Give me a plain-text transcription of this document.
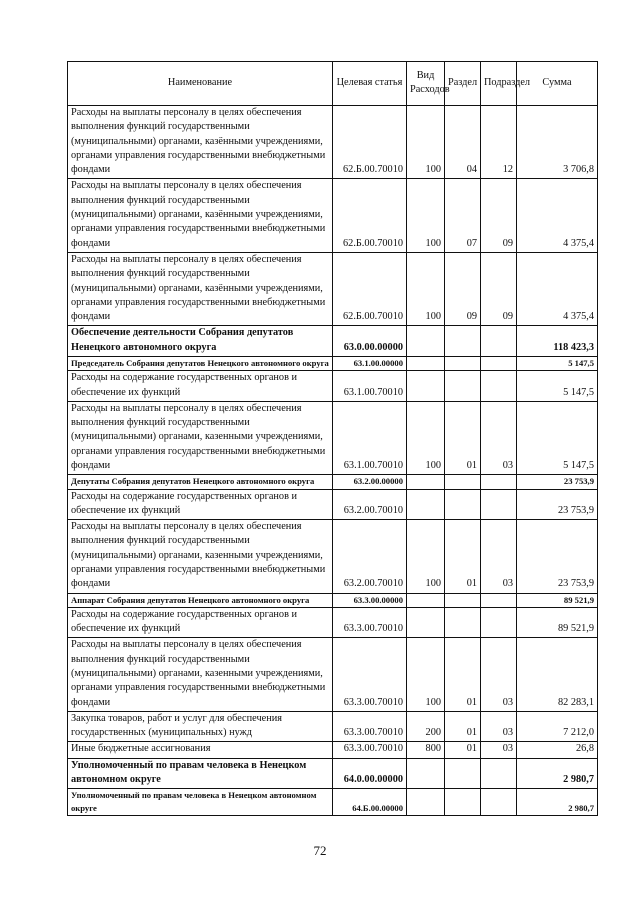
Наименование	Целевая статья	Вид Расходов	Раздел	Подраздел	Сумма
Расходы на выплаты персоналу в целях обеспечения выполнения функций государственными (муниципальными) органами, казёнными учреждениями, органами управления государственными внебюджетными фондами	62.Б.00.70010	100	04	12	3 706,8
Расходы на выплаты персоналу в целях обеспечения выполнения функций государственными (муниципальными) органами, казёнными учреждениями, органами управления государственными внебюджетными фондами	62.Б.00.70010	100	07	09	4 375,4
Расходы на выплаты персоналу в целях обеспечения выполнения функций государственными (муниципальными) органами, казёнными учреждениями, органами управления государственными внебюджетными фондами	62.Б.00.70010	100	09	09	4 375,4
Обеспечение деятельности Собрания депутатов Ненецкого автономного округа	63.0.00.00000				118 423,3
Председатель Собрания депутатов Ненецкого автономного округа	63.1.00.00000				5 147,5
Расходы на содержание государственных органов и обеспечение их функций	63.1.00.70010				5 147,5
Расходы на выплаты персоналу в целях обеспечения выполнения функций государственными (муниципальными) органами, казенными учреждениями, органами управления государственными внебюджетными фондами	63.1.00.70010	100	01	03	5 147,5
Депутаты Собрания депутатов Ненецкого автономного округа	63.2.00.00000				23 753,9
Расходы на содержание государственных органов и обеспечение их функций	63.2.00.70010				23 753,9
Расходы на выплаты персоналу в целях обеспечения выполнения функций государственными (муниципальными) органами, казенными учреждениями, органами управления государственными внебюджетными фондами	63.2.00.70010	100	01	03	23 753,9
Аппарат Собрания депутатов Ненецкого автономного округа	63.3.00.00000				89 521,9
Расходы на содержание государственных органов и обеспечение их функций	63.3.00.70010				89 521,9
Расходы на выплаты персоналу в целях обеспечения выполнения функций государственными (муниципальными) органами, казенными учреждениями, органами управления государственными внебюджетными фондами	63.3.00.70010	100	01	03	82 283,1
Закупка товаров, работ и услуг для обеспечения государственных (муниципальных) нужд	63.3.00.70010	200	01	03	7 212,0
Иные бюджетные ассигнования	63.3.00.70010	800	01	03	26,8
Уполномоченный по правам человека в Ненецком автономном округе	64.0.00.00000				2 980,7
Уполномоченный по правам человека в Ненецком автономном округе	64.Б.00.00000				2 980,7
72
